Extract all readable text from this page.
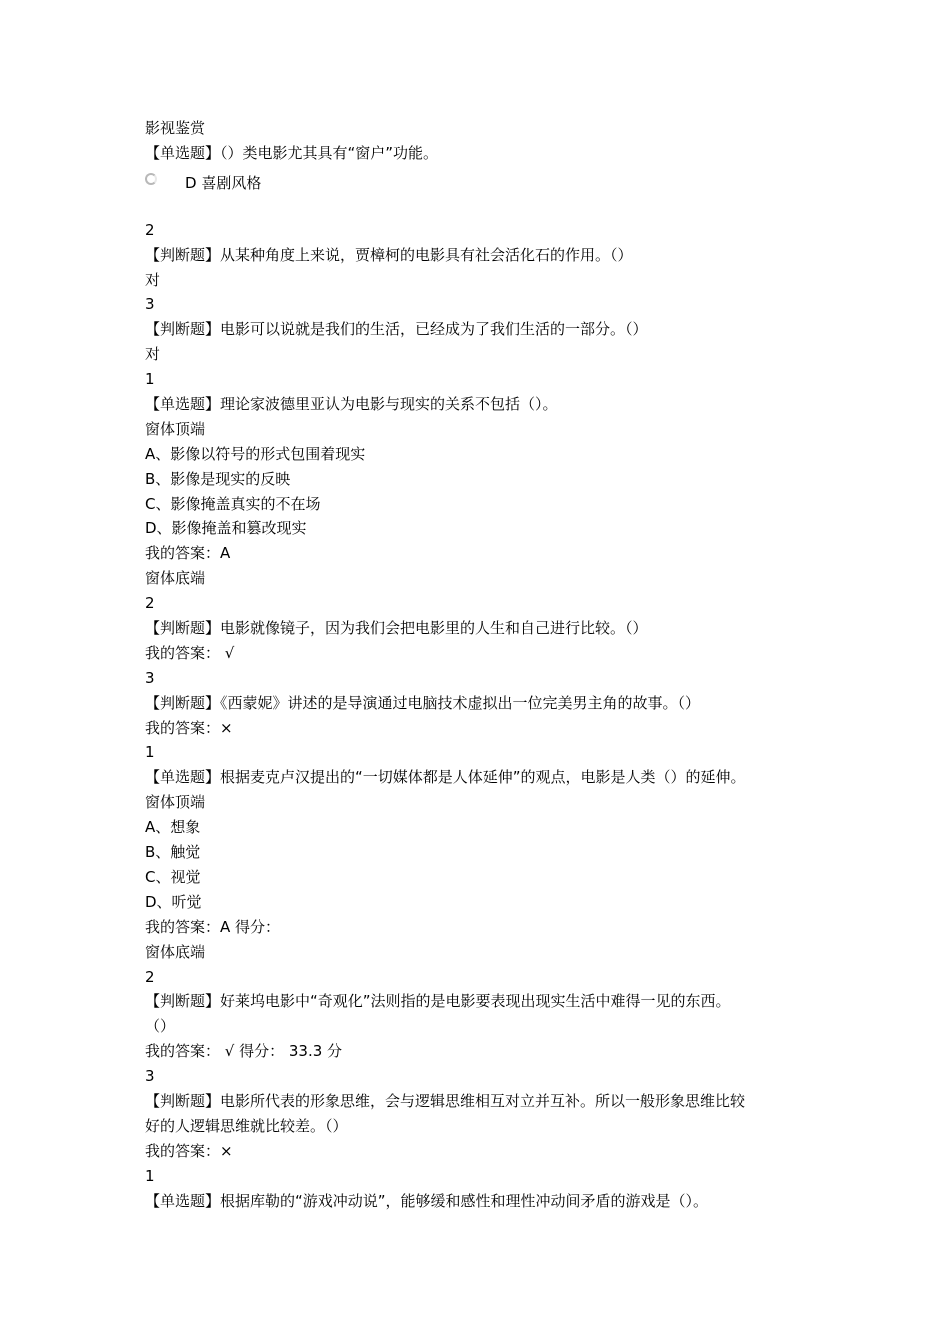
影视鉴赏
【单选题】（）类电影尤其具有“窗户”功能。
D 喜剧风格
2
【判断题】从某种角度上来说，贾樟柯的电影具有社会活化石的作用。（）
对
3
【判断题】电影可以说就是我们的生活，已经成为了我们生活的一部分。（）
对
1
【单选题】理论家波德里亚认为电影与现实的关系不包括（）。
窗体顶端
A、影像以符号的形式包围着现实
B、影像是现实的反映
C、影像掩盖真实的不在场
D、影像掩盖和篡改现实
我的答案：A
窗体底端
2
【判断题】电影就像镜子，因为我们会把电影里的人生和自己进行比较。（）
我的答案： √
3
【判断题】《西蒙妮》讲述的是导演通过电脑技术虚拟出一位完美男主角的故事。（）
我的答案：×
1
【单选题】根据麦克卢汉提出的“一切媒体都是人体延伸”的观点，电影是人类（）的延伸。
窗体顶端
A、想象
B、触觉
C、视觉
D、听觉
我的答案：A 得分：
窗体底端
2
【判断题】好莱坞电影中“奇观化”法则指的是电影要表现出现实生活中难得一见的东西。
（）
我的答案： √ 得分： 33.3 分
3
【判断题】电影所代表的形象思维，会与逻辑思维相互对立并互补。所以一般形象思维比较
好的人逻辑思维就比较差。（）
我的答案：×
1
【单选题】根据库勒的“游戏冲动说”，能够缓和感性和理性冲动间矛盾的游戏是（）。
